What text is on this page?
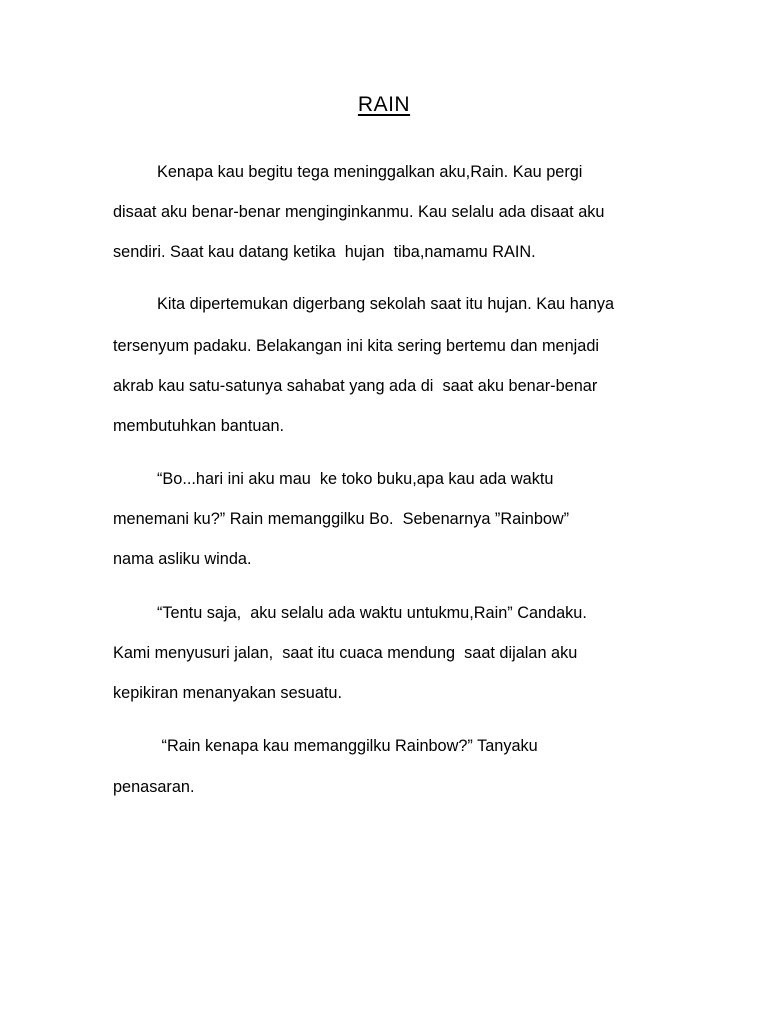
RAIN

Kenapa kau begitu tega meninggalkan aku,Rain. Kau pergi

disaat aku benar-benar menginginkanmu. Kau selalu ada disaat aku

sendiri. Saat kau datang ketika  hujan  tiba,namamu RAIN.

Kita dipertemukan digerbang sekolah saat itu hujan. Kau hanya

tersenyum padaku. Belakangan ini kita sering bertemu dan menjadi

akrab kau satu-satunya sahabat yang ada di  saat aku benar-benar

membutuhkan bantuan.

“Bo...hari ini aku mau  ke toko buku,apa kau ada waktu

menemani ku?” Rain memanggilku Bo.  Sebenarnya ”Rainbow”

nama asliku winda.

“Tentu saja,  aku selalu ada waktu untukmu,Rain” Candaku.

Kami menyusuri jalan,  saat itu cuaca mendung  saat dijalan aku

kepikiran menanyakan sesuatu.

“Rain kenapa kau memanggilku Rainbow?” Tanyaku

penasaran.
